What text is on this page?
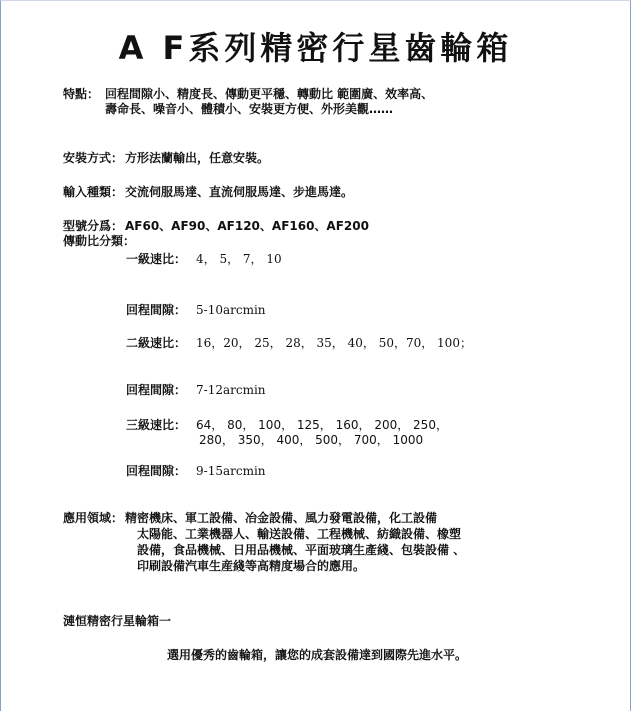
A F系列精密行星齒輪箱
特點： 回程間隙小、精度長、傳動更平穩、轉動比 範圍廣、效率高、
壽命長、噪音小、體積小、安裝更方便、外形美觀……
安裝方式： 方形法蘭輸出，任意安裝。
輸入種類： 交流伺服馬達、直流伺服馬達、步進馬達。
型號分爲： AF60、AF90、AF120、AF160、AF200
傳動比分類：
一級速比： 4， 5， 7， 10
回程間隙： 5-10arcmin
二級速比： 16，20， 25， 28， 35， 40， 50，70， 100；
回程間隙： 7-12arcmin
三級速比： 64， 80， 100， 125， 160， 200， 250，
280， 350， 400， 500， 700， 1000
回程間隙： 9-15arcmin
應用領域： 精密機床、軍工設備、冶金設備、風力發電設備，化工設備
太陽能、工業機器人、輸送設備、工程機械、紡織設備、橡塑
設備，食品機械、日用品機械、平面玻璃生產綫、包裝設備 、
印刷設備汽車生産綫等高精度場合的應用。
漣恒精密行星輪箱一
選用優秀的齒輪箱，讓您的成套設備達到國際先進水平。
